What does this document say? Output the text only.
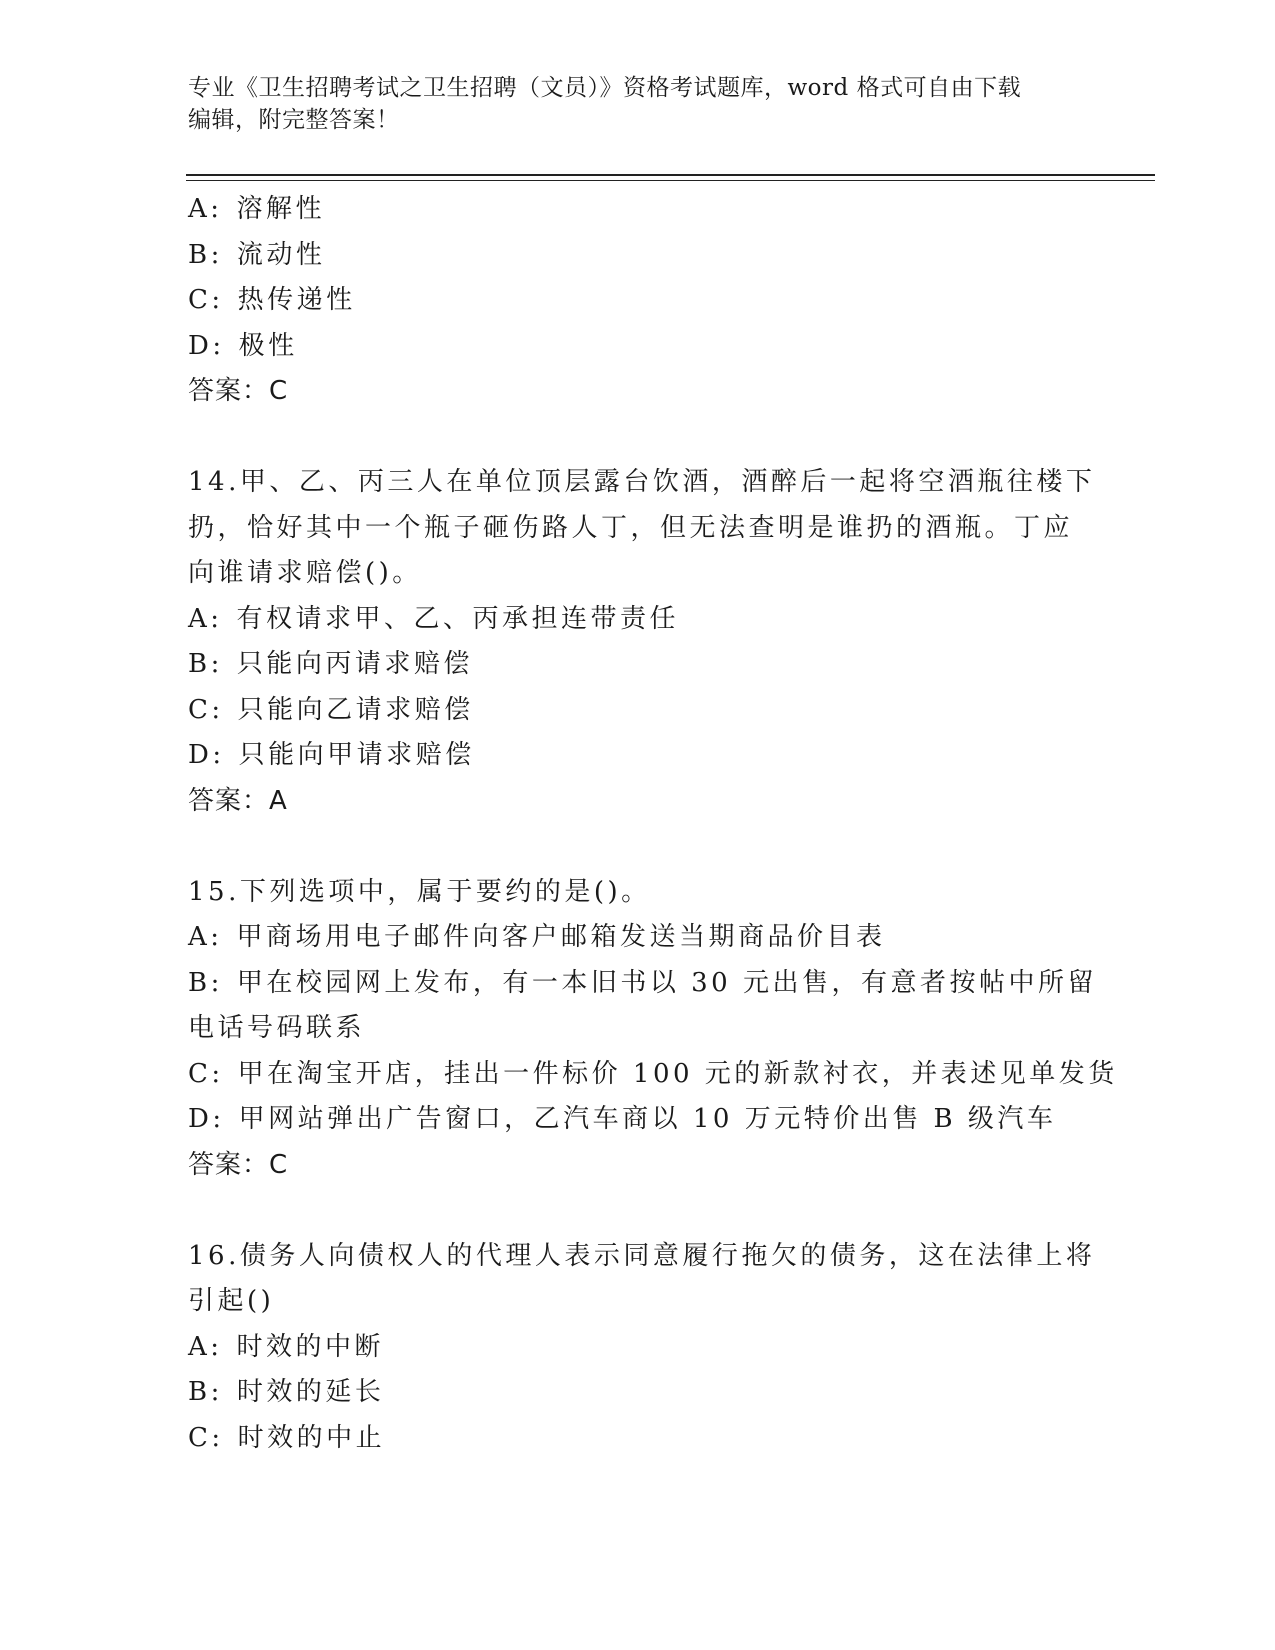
专业《卫生招聘考试之卫生招聘（文员）》资格考试题库，word 格式可自由下载
编辑，附完整答案！
A: 溶解性
B: 流动性
C: 热传递性
D: 极性
答案：C
14.甲、乙、丙三人在单位顶层露台饮酒，酒醉后一起将空酒瓶往楼下
扔，恰好其中一个瓶子砸伤路人丁，但无法查明是谁扔的酒瓶。丁应
向谁请求赔偿()。
A: 有权请求甲、乙、丙承担连带责任
B: 只能向丙请求赔偿
C: 只能向乙请求赔偿
D: 只能向甲请求赔偿
答案：A
15.下列选项中，属于要约的是()。
A: 甲商场用电子邮件向客户邮箱发送当期商品价目表
B: 甲在校园网上发布，有一本旧书以 30 元出售，有意者按帖中所留
电话号码联系
C: 甲在淘宝开店，挂出一件标价 100 元的新款衬衣，并表述见单发货
D: 甲网站弹出广告窗口，乙汽车商以 10 万元特价出售 B 级汽车
答案：C
16.债务人向债权人的代理人表示同意履行拖欠的债务，这在法律上将
引起()
A: 时效的中断
B: 时效的延长
C: 时效的中止
